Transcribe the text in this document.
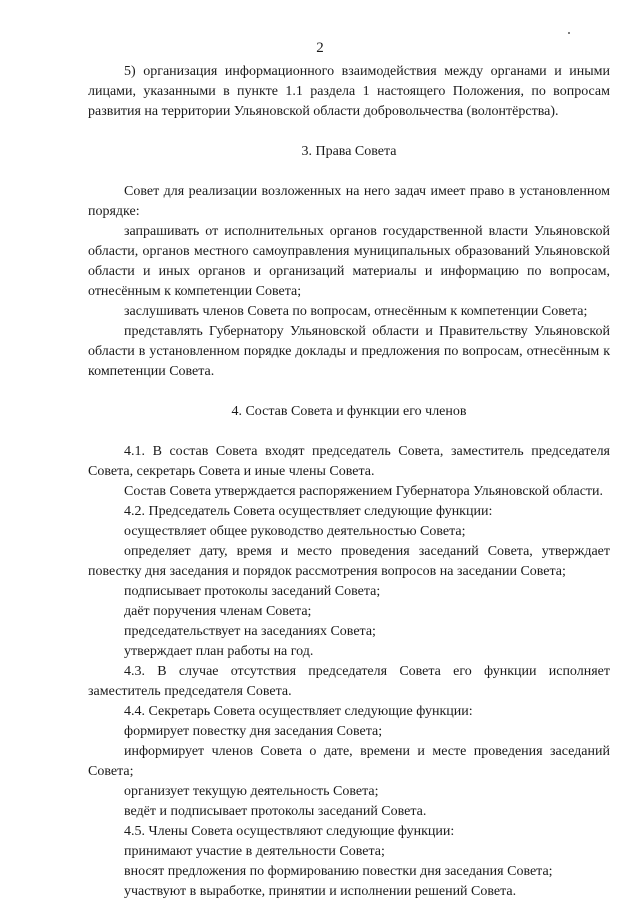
2

5) организация информационного взаимодействия между органами и иными лицами, указанными в пункте 1.1 раздела 1 настоящего Положения, по вопросам развития на территории Ульяновской области добровольчества (волонтёрства).

3. Права Совета

Совет для реализации возложенных на него задач имеет право в установленном порядке:

запрашивать от исполнительных органов государственной власти Ульяновской области, органов местного самоуправления муниципальных образований Ульяновской области и иных органов и организаций материалы и информацию по вопросам, отнесённым к компетенции Совета;

заслушивать членов Совета по вопросам, отнесённым к компетенции Совета;

представлять Губернатору Ульяновской области и Правительству Ульяновской области в установленном порядке доклады и предложения по вопросам, отнесённым к компетенции Совета.

4. Состав Совета и функции его членов

4.1. В состав Совета входят председатель Совета, заместитель председателя Совета, секретарь Совета и иные члены Совета.

Состав Совета утверждается распоряжением Губернатора Ульяновской области.

4.2. Председатель Совета осуществляет следующие функции:

осуществляет общее руководство деятельностью Совета;

определяет дату, время и место проведения заседаний Совета, утверждает повестку дня заседания и порядок рассмотрения вопросов на заседании Совета;

подписывает протоколы заседаний Совета;

даёт поручения членам Совета;

председательствует на заседаниях Совета;

утверждает план работы на год.

4.3. В случае отсутствия председателя Совета его функции исполняет заместитель председателя Совета.

4.4. Секретарь Совета осуществляет следующие функции:

формирует повестку дня заседания Совета;

информирует членов Совета о дате, времени и месте проведения заседаний Совета;

организует текущую деятельность Совета;

ведёт и подписывает протоколы заседаний Совета.

4.5. Члены Совета осуществляют следующие функции:

принимают участие в деятельности Совета;

вносят предложения по формированию повестки дня заседания Совета;

участвуют в выработке, принятии и исполнении решений Совета.
